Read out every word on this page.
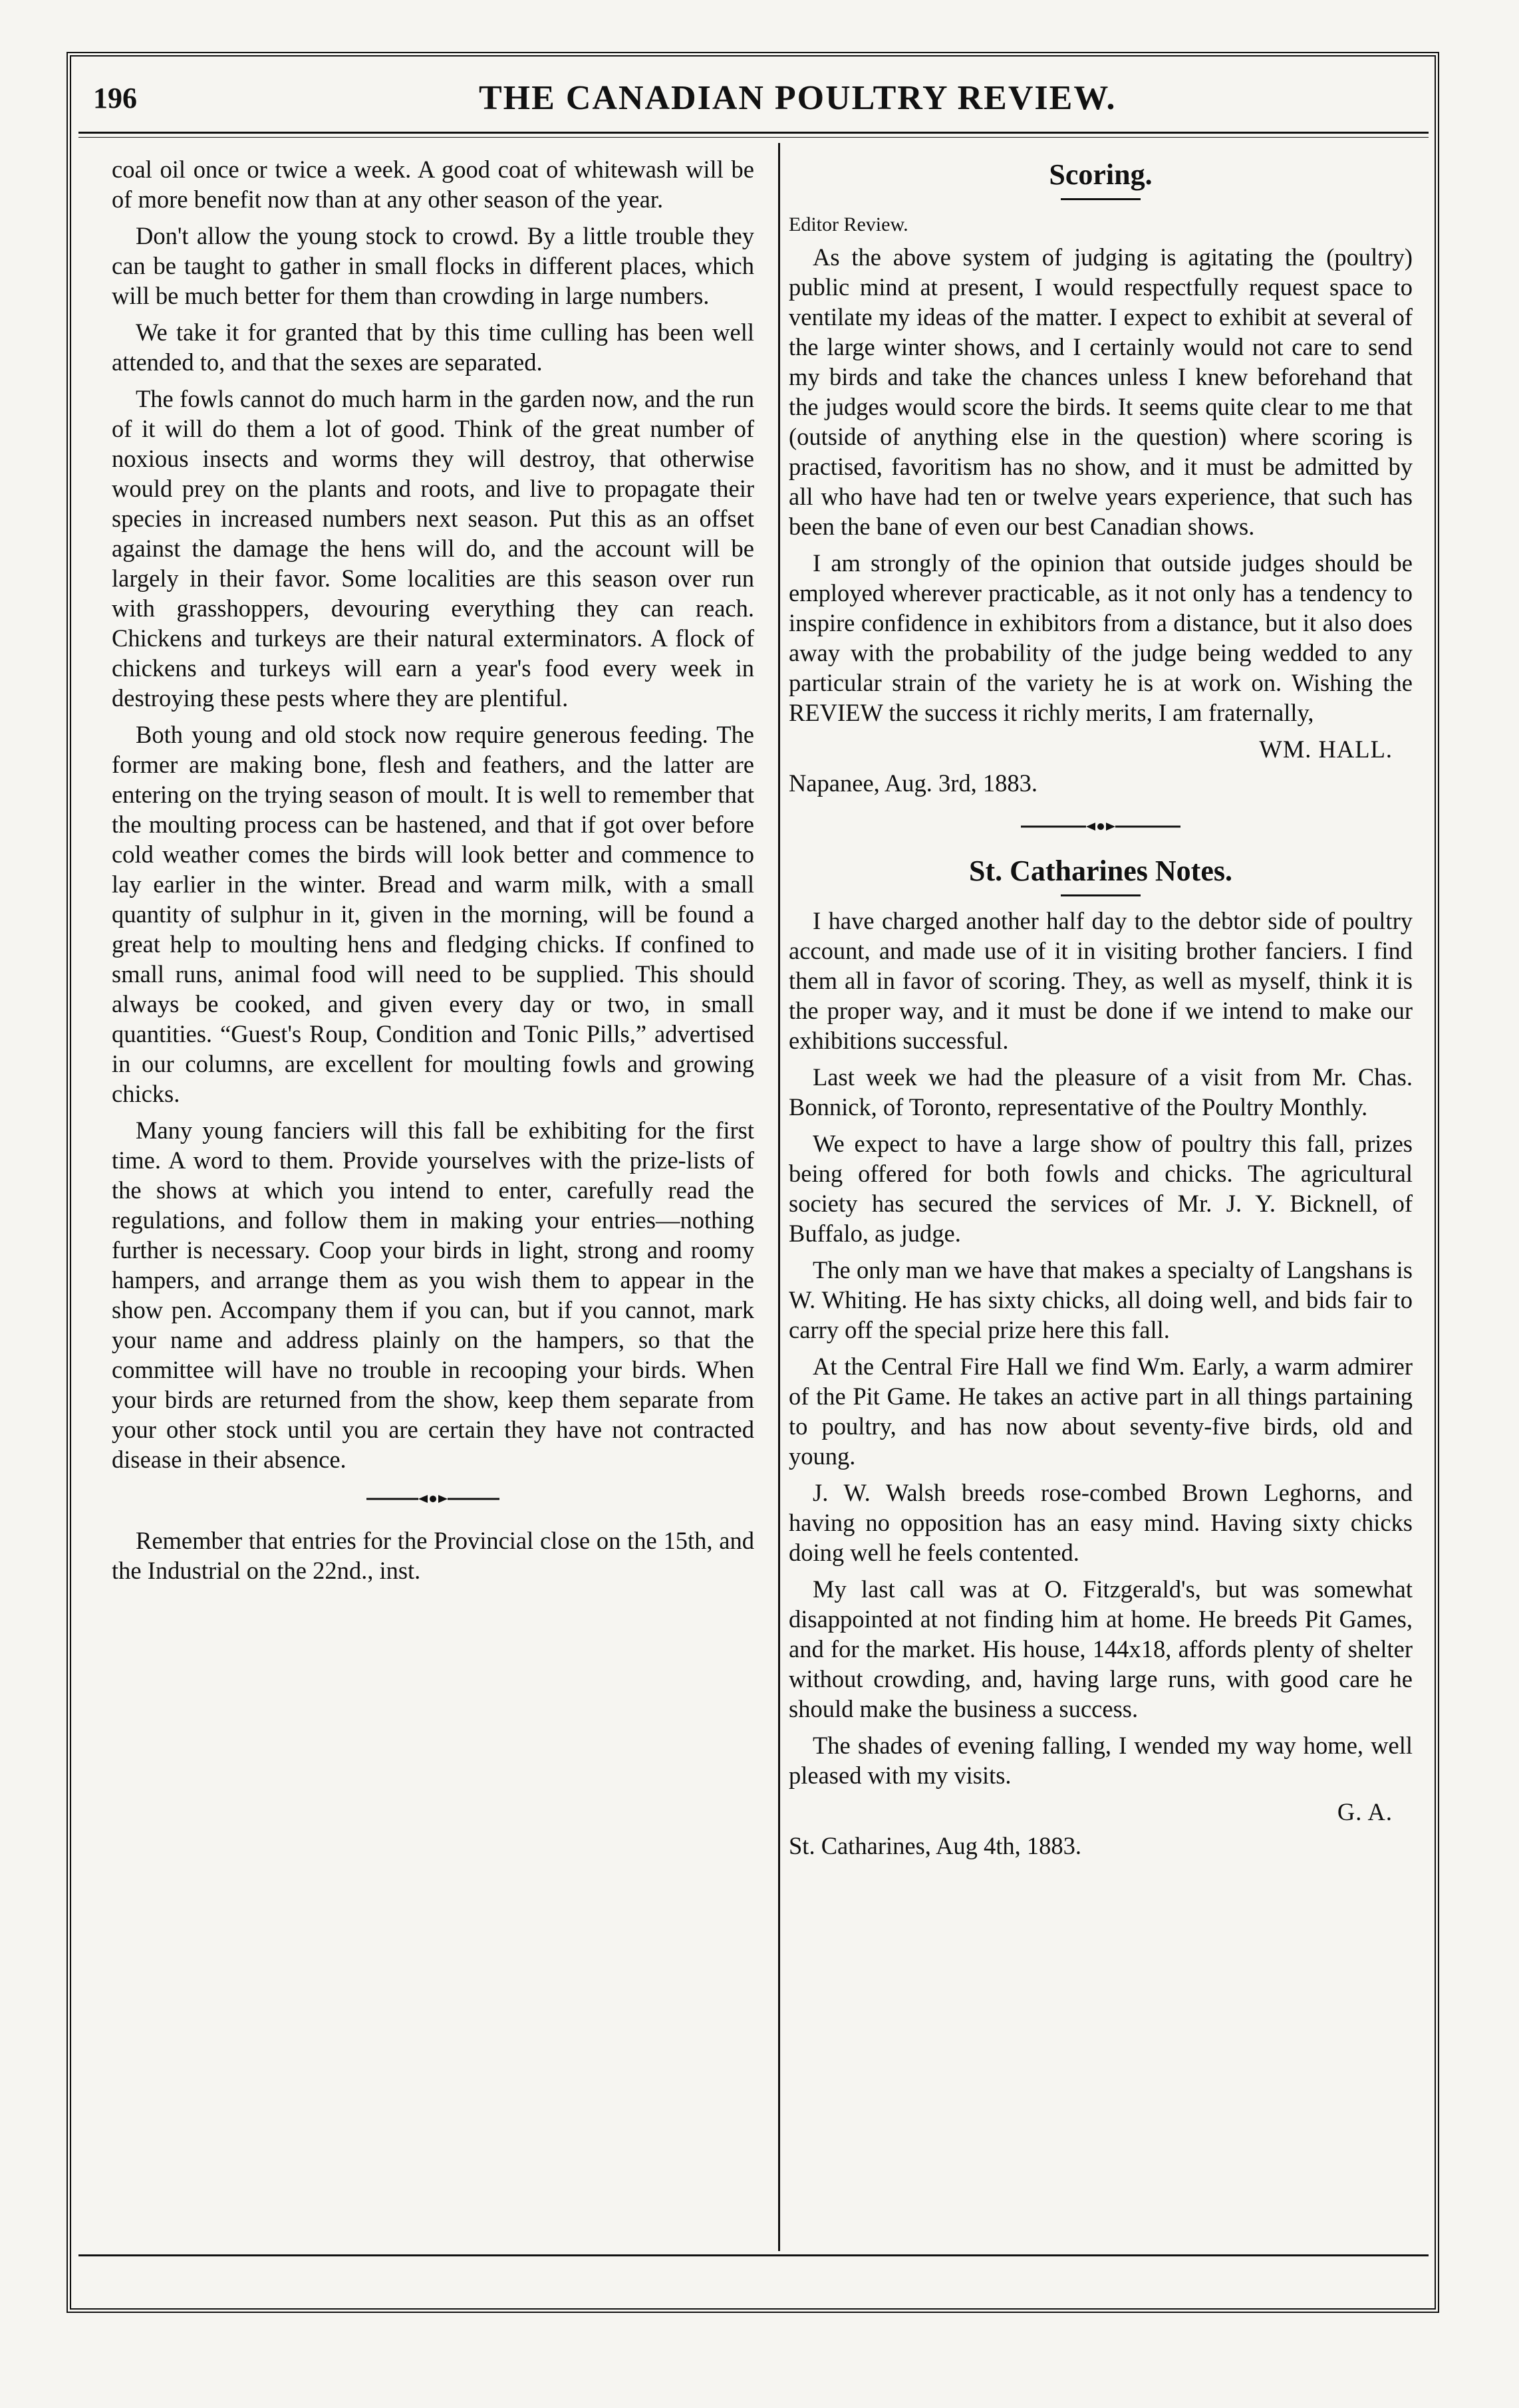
196	THE CANADIAN POULTRY REVIEW.

coal oil once or twice a week. A good coat of whitewash will be of more benefit now than at any other season of the year.

Don't allow the young stock to crowd. By a little trouble they can be taught to gather in small flocks in different places, which will be much better for them than crowding in large numbers.

We take it for granted that by this time culling has been well attended to, and that the sexes are separated.

The fowls cannot do much harm in the garden now, and the run of it will do them a lot of good. Think of the great number of noxious insects and worms they will destroy, that otherwise would prey on the plants and roots, and live to propagate their species in increased numbers next season. Put this as an offset against the damage the hens will do, and the account will be largely in their favor. Some localities are this season over run with grasshoppers, devouring everything they can reach. Chickens and turkeys are their natural exterminators. A flock of chickens and turkeys will earn a year's food every week in destroying these pests where they are plentiful.

Both young and old stock now require generous feeding. The former are making bone, flesh and feathers, and the latter are entering on the trying season of moult. It is well to remember that the moulting process can be hastened, and that if got over before cold weather comes the birds will look better and commence to lay earlier in the winter. Bread and warm milk, with a small quantity of sulphur in it, given in the morning, will be found a great help to moulting hens and fledging chicks. If confined to small runs, animal food will need to be supplied. This should always be cooked, and given every day or two, in small quantities. “Guest's Roup, Condition and Tonic Pills,” advertised in our columns, are excellent for moulting fowls and growing chicks.

Many young fanciers will this fall be exhibiting for the first time. A word to them. Provide yourselves with the prize-lists of the shows at which you intend to enter, carefully read the regulations, and follow them in making your entries—nothing further is necessary. Coop your birds in light, strong and roomy hampers, and arrange them as you wish them to appear in the show pen. Accompany them if you can, but if you cannot, mark your name and address plainly on the hampers, so that the committee will have no trouble in recooping your birds. When your birds are returned from the show, keep them separate from your other stock until you are certain they have not contracted disease in their absence.

Remember that entries for the Provincial close on the 15th, and the Industrial on the 22nd., inst.

Scoring.
Editor Review.

As the above system of judging is agitating the (poultry) public mind at present, I would respectfully request space to ventilate my ideas of the matter. I expect to exhibit at several of the large winter shows, and I certainly would not care to send my birds and take the chances unless I knew beforehand that the judges would score the birds. It seems quite clear to me that (outside of anything else in the question) where scoring is practised, favoritism has no show, and it must be admitted by all who have had ten or twelve years experience, that such has been the bane of even our best Canadian shows.

I am strongly of the opinion that outside judges should be employed wherever practicable, as it not only has a tendency to inspire confidence in exhibitors from a distance, but it also does away with the probability of the judge being wedded to any particular strain of the variety he is at work on. Wishing the REVIEW the success it richly merits, I am fraternally,

WM. HALL.
Napanee, Aug. 3rd, 1883.
St. Catharines Notes.

I have charged another half day to the debtor side of poultry account, and made use of it in visiting brother fanciers. I find them all in favor of scoring. They, as well as myself, think it is the proper way, and it must be done if we intend to make our exhibitions successful.

Last week we had the pleasure of a visit from Mr. Chas. Bonnick, of Toronto, representative of the Poultry Monthly.

We expect to have a large show of poultry this fall, prizes being offered for both fowls and chicks. The agricultural society has secured the services of Mr. J. Y. Bicknell, of Buffalo, as judge.

The only man we have that makes a specialty of Langshans is W. Whiting. He has sixty chicks, all doing well, and bids fair to carry off the special prize here this fall.

At the Central Fire Hall we find Wm. Early, a warm admirer of the Pit Game. He takes an active part in all things partaining to poultry, and has now about seventy-five birds, old and young.

J. W. Walsh breeds rose-combed Brown Leghorns, and having no opposition has an easy mind. Having sixty chicks doing well he feels contented.

My last call was at O. Fitzgerald's, but was somewhat disappointed at not finding him at home. He breeds Pit Games, and for the market. His house, 144x18, affords plenty of shelter without crowding, and, having large runs, with good care he should make the business a success.

The shades of evening falling, I wended my way home, well pleased with my visits.

G. A.
St. Catharines, Aug 4th, 1883.
